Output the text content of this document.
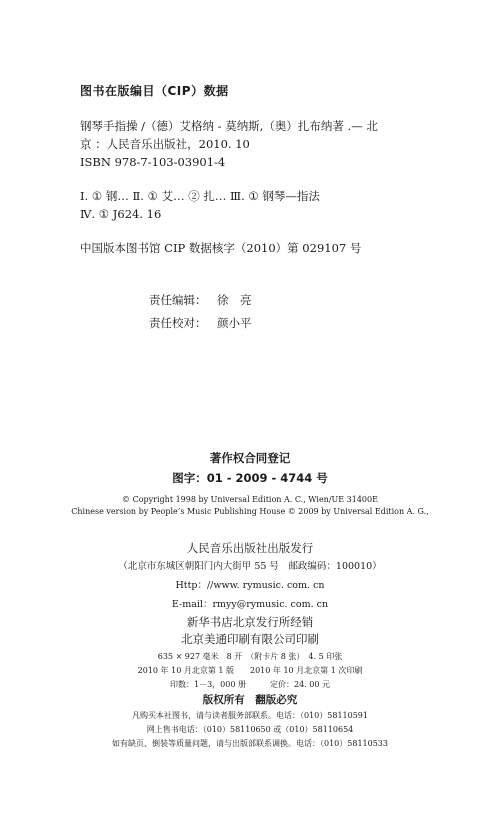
图书在版编目（CIP）数据
钢琴手指操 /（德）艾格纳 - 莫纳斯,（奥）扎布纳著 .— 北
京 ：人民音乐出版社，2010. 10
ISBN 978-7-103-03901-4
Ⅰ. ① 钢… Ⅱ. ① 艾… ② 扎… Ⅲ. ① 钢琴—指法
Ⅳ. ① J624. 16
中国版本图书馆 CIP 数据核字（2010）第 029107 号
责任编辑： 徐　亮
责任校对： 颜小平
著作权合同登记
图字：01 - 2009 - 4744 号
© Copyright 1998 by Universal Edition A. C., Wien/UE 31400E
Chinese version by People’s Music Publishing House © 2009 by Universal Edition A. G.,
人民音乐出版社出版发行
（北京市东城区朝阳门内大街甲 55 号　邮政编码：100010）
Http：//www. rymusic. com. cn
E-mail：rmyy@rymusic. com. cn
新华书店北京发行所经销
北京美通印刷有限公司印刷
635 × 927 毫米　8 开　（附卡片 8 张）　4. 5 印张
2010 年 10 月北京第 1 版　　2010 年 10 月北京第 1 次印刷
印数：1－3，000 册　　　定价：24. 00 元
版权所有　翻版必究
凡购买本社图书，请与读者服务部联系。电话：（010）58110591
网上售书电话：（010）58110650 或（010）58110654
如有缺页、倒装等质量问题，请与出版部联系调换。电话：（010）58110533
